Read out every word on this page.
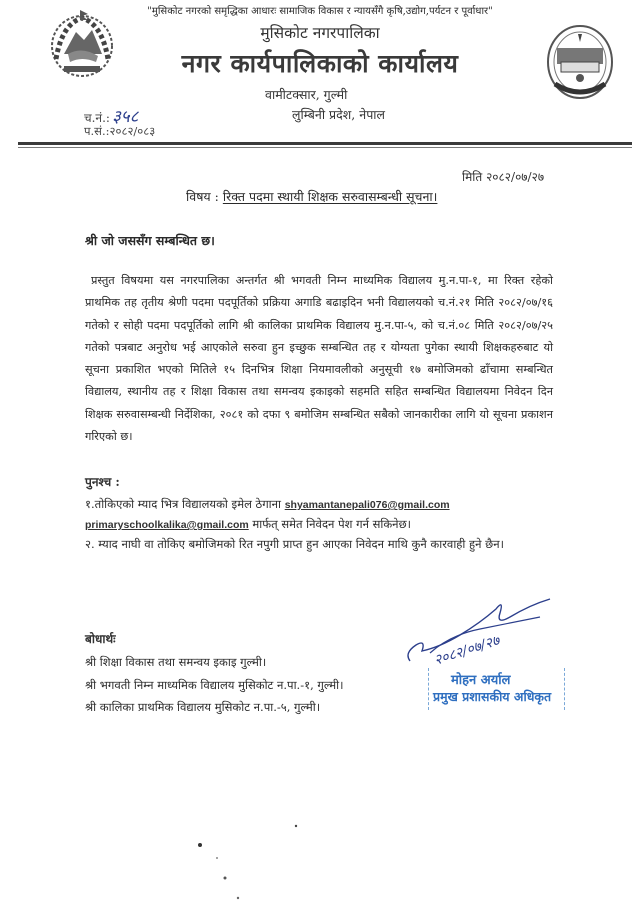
"मुसिकोट नगरको समृद्धिका आधारः सामाजिक विकास र न्यायसँगै कृषि,उद्योग,पर्यटन र पूर्वाधार"
मुसिकोट नगरपालिका
नगर कार्यपालिकाको कार्यालय
वामीटक्सार, गुल्मी
लुम्बिनी प्रदेश, नेपाल
च.नं.: ३५८
प.सं.:२०८२/०८३
मिति २०८२/०७/२७
विषय : रिक्त पदमा स्थायी शिक्षक सरुवासम्बन्धी सूचना।
श्री जो जससँग सम्बन्धित छ।
प्रस्तुत विषयमा यस नगरपालिका अन्तर्गत श्री भगवती निम्न माध्यमिक विद्यालय मु.न.पा-१, मा रिक्त रहेको प्राथमिक तह तृतीय श्रेणी पदमा पदपूर्तिको प्रक्रिया अगाडि बढाइदिन भनी विद्यालयको च.नं.२१ मिति २०८२/०७/१६ गतेको र सोही पदमा पदपूर्तिको लागि श्री कालिका प्राथमिक विद्यालय मु.न.पा-५, को च.नं.०८ मिति २०८२/०७/२५ गतेको पत्रबाट अनुरोध भई आएकोले सरुवा हुन इच्छुक सम्बन्धित तह र योग्यता पुगेका स्थायी शिक्षकहरुबाट यो सूचना प्रकाशित भएको मितिले १५ दिनभित्र शिक्षा नियमावलीको अनुसूची १७ बमोजिमको ढाँचामा सम्बन्धित विद्यालय, स्थानीय तह र शिक्षा विकास तथा समन्वय इकाइको सहमति सहित सम्बन्धित विद्यालयमा निवेदन दिन शिक्षक सरुवासम्बन्धी निर्देशिका, २०८१ को दफा ९ बमोजिम सम्बन्धित सबैको जानकारीका लागि यो सूचना प्रकाशन गरिएको छ।
पुनश्च :
१.तोकिएको म्याद भित्र विद्यालयको इमेल ठेगाना shyamantanepali076@gmail.com
primaryschoolkalika@gmail.com मार्फत् समेत निवेदन पेश गर्न सकिनेछ।
२. म्याद नाघी वा तोकिए बमोजिमको रित नपुगी प्राप्त हुन आएका निवेदन माथि कुनै कारवाही हुने छैन।
बोधार्थः
श्री शिक्षा विकास तथा समन्वय इकाइ गुल्मी।
श्री भगवती निम्न माध्यमिक विद्यालय मुसिकोट न.पा.-१, गुल्मी।
श्री कालिका प्राथमिक विद्यालय मुसिकोट न.पा.-५, गुल्मी।
२०८२/०७/२७
मोहन अर्याल
प्रमुख प्रशासकीय अधिकृत
